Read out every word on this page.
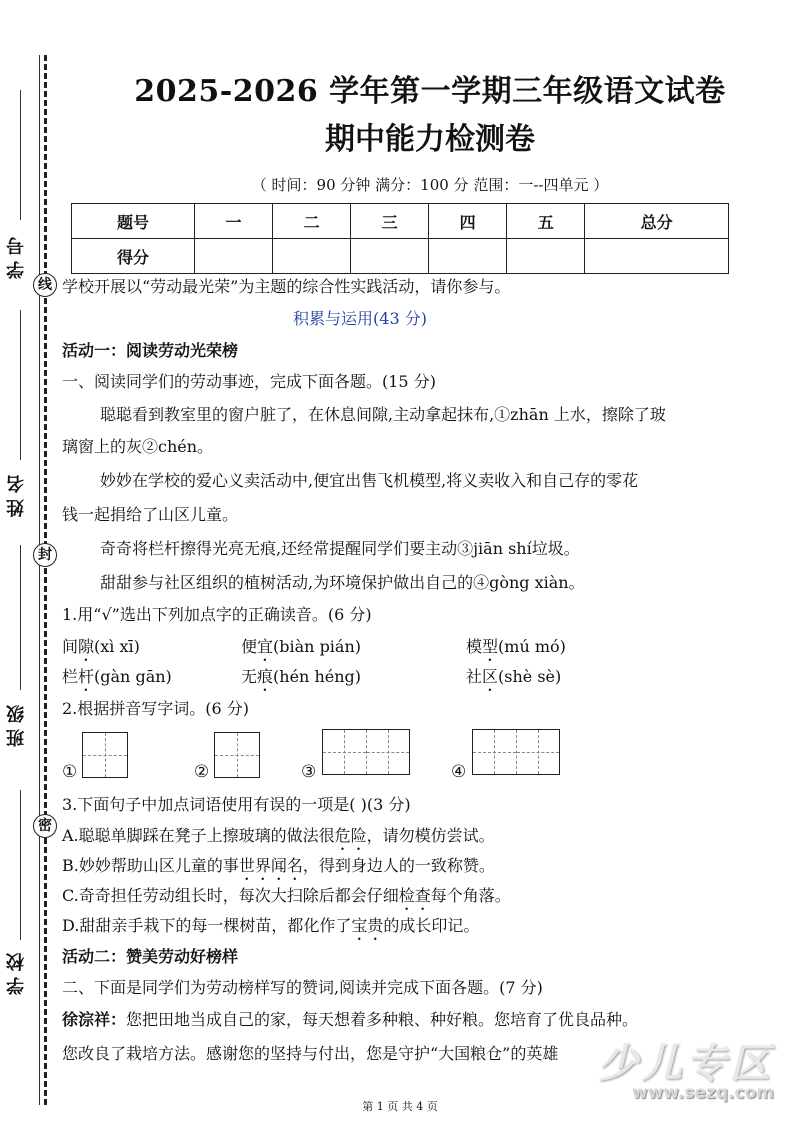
学 号
姓 名
班 级
学 校
线
封
密
2025-2026 学年第一学期三年级语文试卷
期中能力检测卷
（ 时间：90 分钟 满分：100 分 范围：一--四单元 ）
题号	一	二	三	四	五	总分
得分						
学校开展以“劳动最光荣”为主题的综合性实践活动，请你参与。
积累与运用(43 分)
活动一：阅读劳动光荣榜
一、阅读同学们的劳动事迹，完成下面各题。(15 分)
聪聪看到教室里的窗户脏了，在休息间隙,主动拿起抹布,①zhān 上水，擦除了玻
璃窗上的灰②chén。
妙妙在学校的爱心义卖活动中,便宜出售飞机模型,将义卖收入和自己存的零花
钱一起捐给了山区儿童。
奇奇将栏杆擦得光亮无痕,还经常提醒同学们要主动③jiān shí垃圾。
甜甜参与社区组织的植树活动,为环境保护做出自己的④gòng xiàn。
1.用“√”选出下列加点字的正确读音。(6 分)
间隙(xì xī)	便宜(biàn pián)	模型(mú mó)
栏杆(gàn gān)	无痕(hén héng)	社区(shè sè)
2.根据拼音写字词。(6 分)
①	②	③	④
3.下面句子中加点词语使用有误的一项是( )(3 分)
A.聪聪单脚踩在凳子上擦玻璃的做法很危险，请勿模仿尝试。
B.妙妙帮助山区儿童的事世界闻名，得到身边人的一致称赞。
C.奇奇担任劳动组长时，每次大扫除后都会仔细检查每个角落。
D.甜甜亲手栽下的每一棵树苗，都化作了宝贵的成长印记。
活动二：赞美劳动好榜样
二、下面是同学们为劳动榜样写的赞词,阅读并完成下面各题。(7 分)
徐淙祥：您把田地当成自己的家，每天想着多种粮、种好粮。您培育了优良品种。
您改良了栽培方法。感谢您的坚持与付出，您是守护“大国粮仓”的英雄 少儿专区
www.sezq.com
第 1 页 共 4 页
